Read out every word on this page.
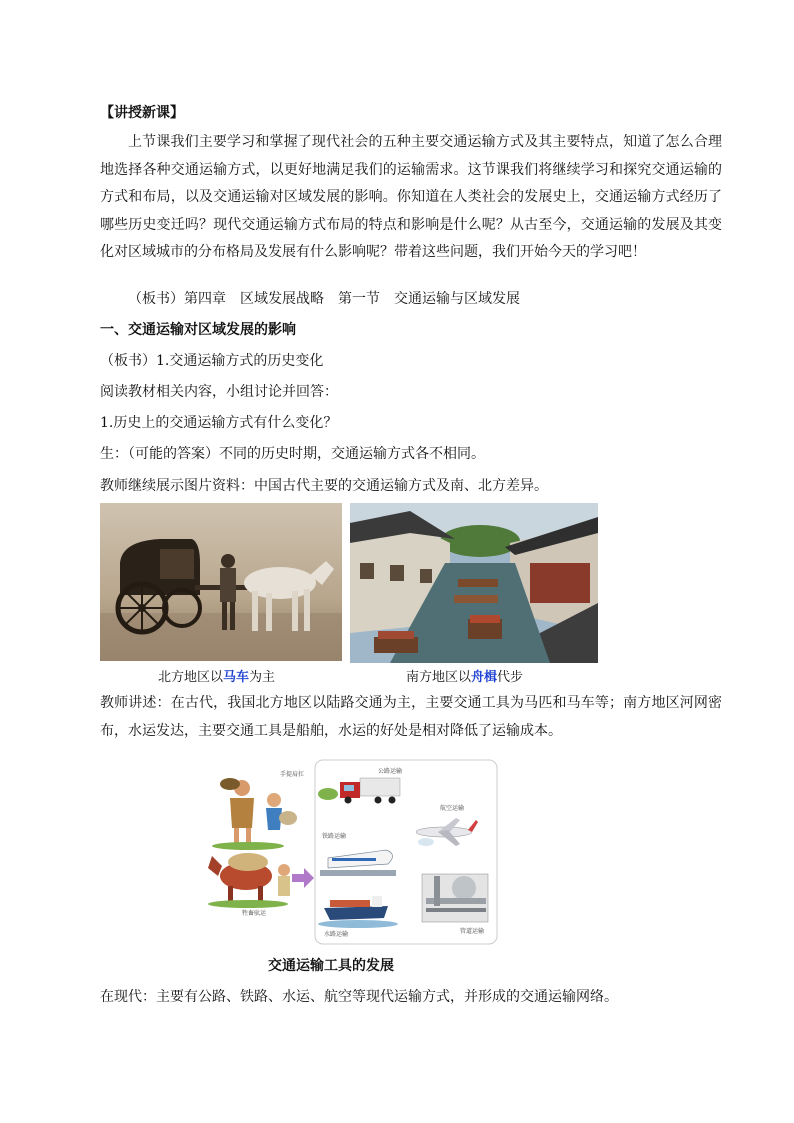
【讲授新课】
上节课我们主要学习和掌握了现代社会的五种主要交通运输方式及其主要特点，知道了怎么合理地选择各种交通运输方式，以更好地满足我们的运输需求。这节课我们将继续学习和探究交通运输的方式和布局，以及交通运输对区域发展的影响。你知道在人类社会的发展史上，交通运输方式经历了哪些历史变迁吗？现代交通运输方式布局的特点和影响是什么呢？从古至今，交通运输的发展及其变化对区域城市的分布格局及发展有什么影响呢？带着这些问题，我们开始今天的学习吧！
（板书）第四章　区域发展战略　第一节　交通运输与区域发展
一、交通运输对区域发展的影响
（板书）1.交通运输方式的历史变化
阅读教材相关内容，小组讨论并回答：
1.历史上的交通运输方式有什么变化？
生：（可能的答案）不同的历史时期，交通运输方式各不相同。
教师继续展示图片资料：中国古代主要的交通运输方式及南、北方差异。
北方地区以马车为主	南方地区以舟楫代步
教师讲述：在古代，我国北方地区以陆路交通为主，主要交通工具为马匹和马车等；南方地区河网密布，水运发达，主要交通工具是船舶，水运的好处是相对降低了运输成本。
手提肩扛
牲畜驮运
公路运输
航空运输
铁路运输
水路运输	管道运输
交通运输工具的发展
在现代：主要有公路、铁路、水运、航空等现代运输方式，并形成的交通运输网络。
